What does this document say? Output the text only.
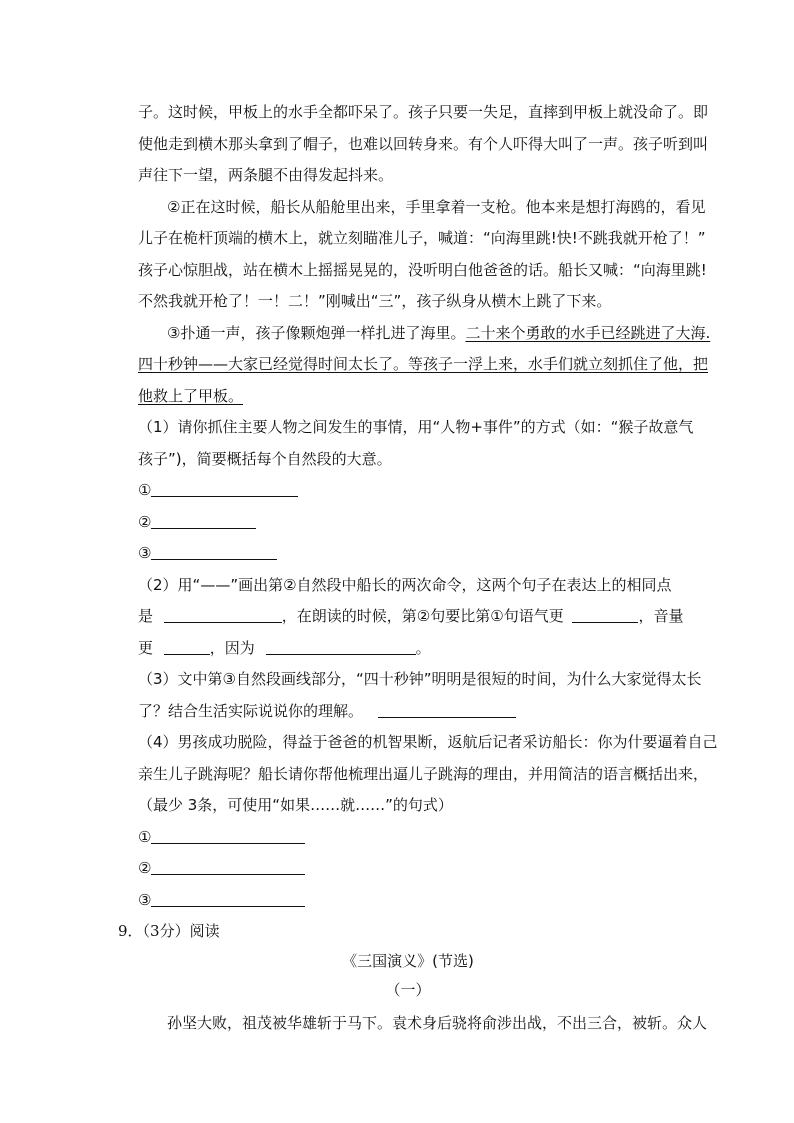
子。这时候，甲板上的水手全都吓呆了。孩子只要一失足，直摔到甲板上就没命了。即
使他走到横木那头拿到了帽子，也难以回转身来。有个人吓得大叫了一声。孩子听到叫
声往下一望，两条腿不由得发起抖来。
②正在这时候，船长从船舱里出来，手里拿着一支枪。他本来是想打海鸥的，看见
儿子在桅杆顶端的横木上，就立刻瞄准儿子，喊道：“向海里跳!快!不跳我就开枪了！”
孩子心惊胆战，站在横木上摇摇晃晃的，没听明白他爸爸的话。船长又喊：“向海里跳!
不然我就开枪了！一！二！”刚喊出“三”，孩子纵身从横木上跳了下来。
③扑通一声，孩子像颗炮弹一样扎进了海里。二十来个勇敢的水手已经跳进了大海.
四十秒钟——大家已经觉得时间太长了。等孩子一浮上来，水手们就立刻抓住了他，把
他救上了甲板。
（1）请你抓住主要人物之间发生的事情，用“人物+事件”的方式（如：“猴子故意气
孩子”)，简要概括每个自然段的大意。
①
②
③
（2）用“——”画出第②自然段中船长的两次命令，这两个句子在表达上的相同点
是	，在朗读的时候，第②句要比第①句语气更	，音量
更	，因为	。
（3）文中第③自然段画线部分，“四十秒钟”明明是很短的时间，为什么大家觉得太长
了？结合生活实际说说你的理解。
（4）男孩成功脱险，得益于爸爸的机智果断，返航后记者采访船长：你为什要逼着自己
亲生儿子跳海呢？船长请你帮他梳理出逼儿子跳海的理由，并用简洁的语言概括出来，
（最少 3条，可使用“如果……就……”的句式）
①
②
③
9．（3分）阅读
《三国演义》(节选)
（一）
孙坚大败，祖茂被华雄斩于马下。袁术身后骁将俞涉出战，不出三合，被斩。众人
